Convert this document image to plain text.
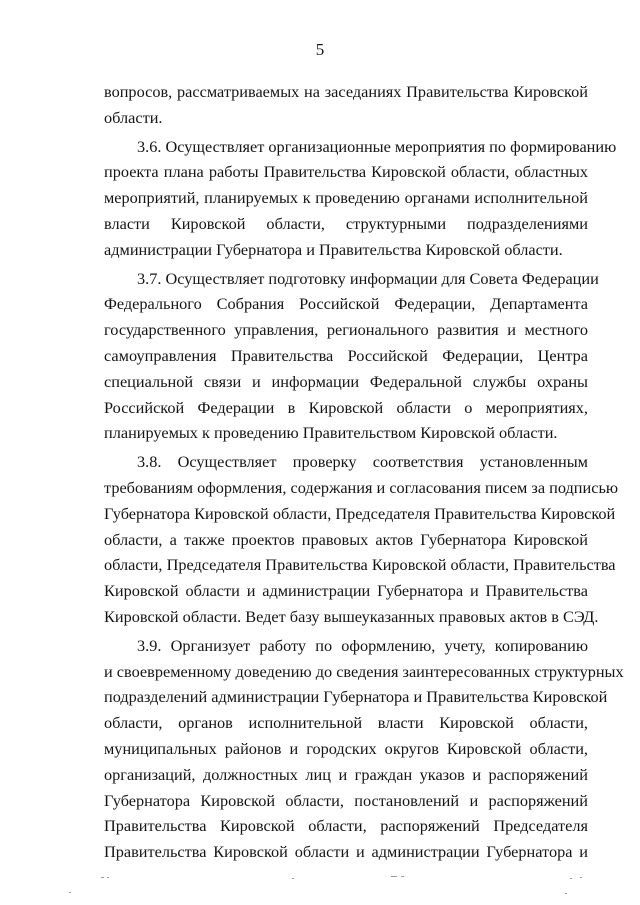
5

вопросов, рассматриваемых на заседаниях Правительства Кировской
области.

3.6. Осуществляет организационные мероприятия по формированию
проекта плана работы Правительства Кировской области, областных
мероприятий, планируемых к проведению органами исполнительной
власти Кировской области, структурными подразделениями
администрации Губернатора и Правительства Кировской области.

3.7. Осуществляет подготовку информации для Совета Федерации
Федерального Собрания Российской Федерации, Департамента
государственного управления, регионального развития и местного
самоуправления Правительства Российской Федерации, Центра
специальной связи и информации Федеральной службы охраны
Российской Федерации в Кировской области о мероприятиях,
планируемых к проведению Правительством Кировской области.

3.8. Осуществляет проверку соответствия установленным
требованиям оформления, содержания и согласования писем за подписью
Губернатора Кировской области, Председателя Правительства Кировской
области, а также проектов правовых актов Губернатора Кировской
области, Председателя Правительства Кировской области, Правительства
Кировской области и администрации Губернатора и Правительства
Кировской области. Ведет базу вышеуказанных правовых актов в СЭД.

3.9. Организует работу по оформлению, учету, копированию
и своевременному доведению до сведения заинтересованных структурных
подразделений администрации Губернатора и Правительства Кировской
области, органов исполнительной власти Кировской области,
муниципальных районов и городских округов Кировской области,
организаций, должностных лиц и граждан указов и распоряжений
Губернатора Кировской области, постановлений и распоряжений
Правительства Кировской области, распоряжений Председателя
Правительства Кировской области и администрации Губернатора и
